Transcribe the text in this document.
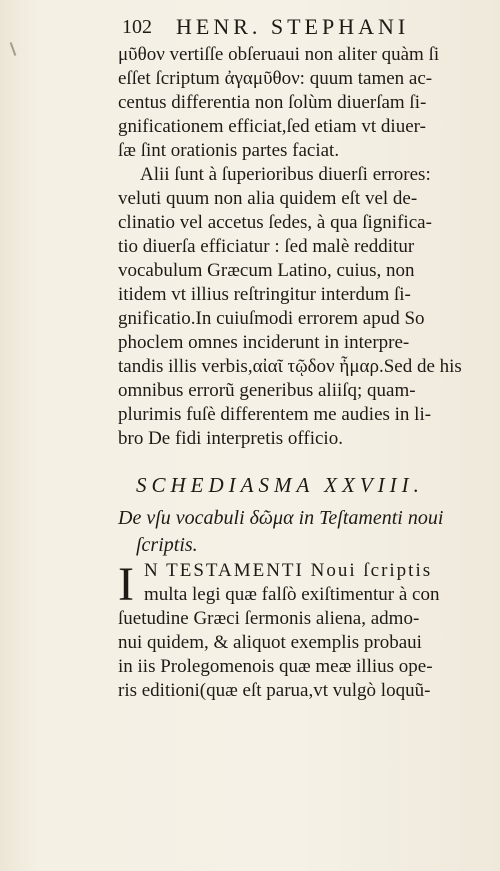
102 HENR. STEPHANI
μῦθον vertiſſe obſeruaui non aliter quàm ſi
eſſet ſcriptum ἀγαμῦθον: quum tamen ac-
centus differentia non ſolùm diuerſam ſi-
gnificationem efficiat,ſed etiam vt diuer-
ſæ ſint orationis partes faciat.
Alii ſunt à ſuperioribus diuerſi errores:
veluti quum non alia quidem eſt vel de-
clinatio vel accetus ſedes, à qua ſignifica-
tio diuerſa efficiatur : ſed malè redditur
vocabulum Græcum Latino, cuius, non
itidem vt illius reſtringitur interdum ſi-
gnificatio.In cuiuſmodi errorem apud So
phoclem omnes inciderunt in interpre-
tandis illis verbis,αἰαῖ τῷδον ἦμαρ.Sed de his
omnibus errorũ generibus aliiſq; quam-
plurimis fuſè differentem me audies in li-
bro De fidi interpretis officio.
SCHEDIASMA XXVIII.
De vſu vocabuli δῶμα in Teſtamenti noui
ſcriptis.
I N TESTAMENTI Noui ſcriptis
multa legi quæ falſò exiſtimentur à con
ſuetudine Græci ſermonis aliena, admo-
nui quidem, & aliquot exemplis probaui
in iis Prolegomenois quæ meæ illius ope-
ris editioni(quæ eſt parua,vt vulgò loquũ-
